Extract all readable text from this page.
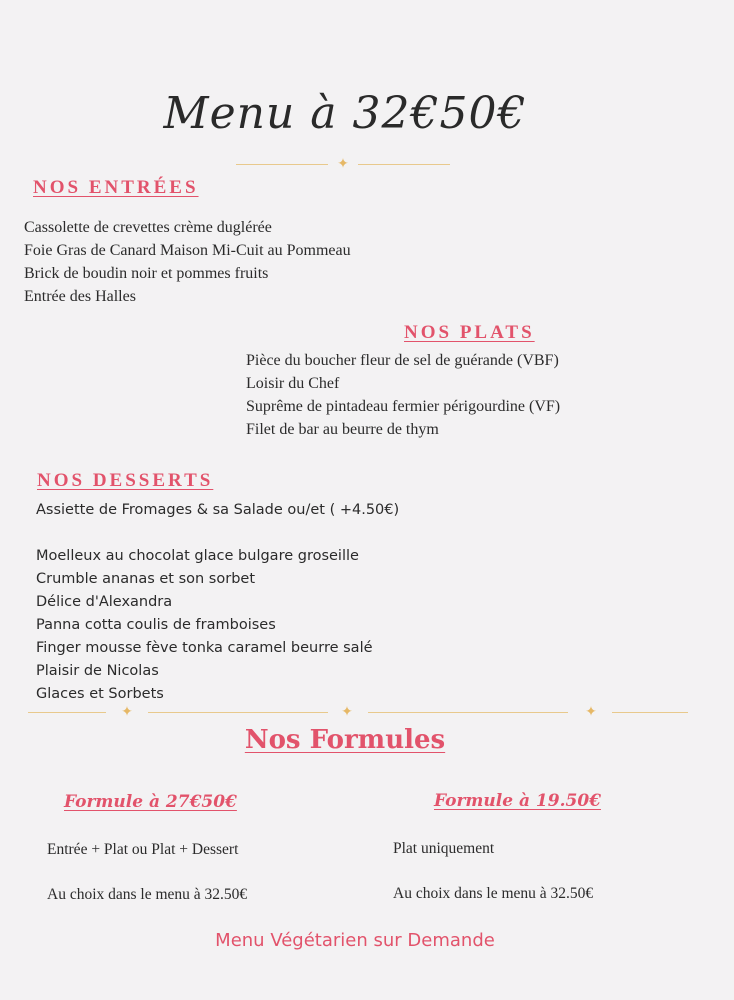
Menu à 32€50€
✦
NOS ENTRÉES
Cassolette de crevettes crème duglérée
Foie Gras de Canard Maison Mi-Cuit au Pommeau
Brick de boudin noir et pommes fruits
Entrée des Halles
NOS PLATS
Pièce du boucher fleur de sel de guérande (VBF)
Loisir du Chef
Suprême de pintadeau fermier périgourdine (VF)
Filet de bar au beurre de thym
NOS DESSERTS
Assiette de Fromages & sa Salade ou/et ( +4.50€)
Moelleux au chocolat glace bulgare groseille
Crumble ananas et son sorbet
Délice d'Alexandra
Panna cotta coulis de framboises
Finger mousse fève tonka caramel beurre salé
Plaisir de Nicolas
Glaces et Sorbets
✦	✦	✦
Nos Formules
Formule à 27€50€	Formule à 19.50€
Entrée + Plat ou Plat + Dessert	Plat uniquement
Au choix dans le menu à 32.50€	Au choix dans le menu à 32.50€
Menu Végétarien sur Demande
